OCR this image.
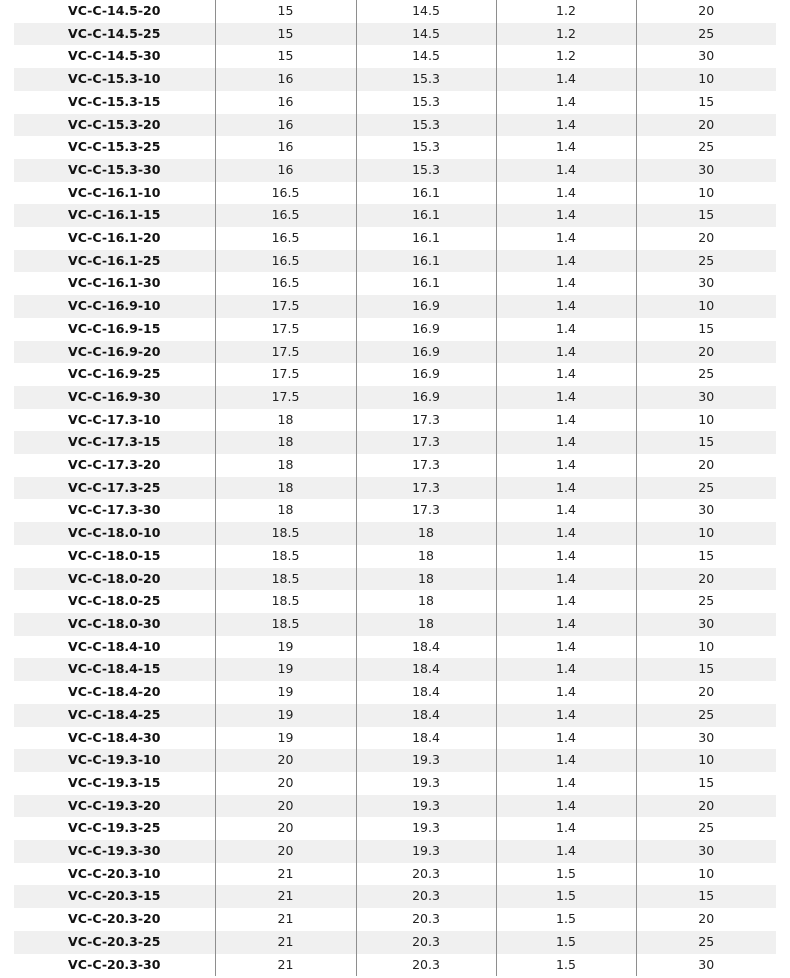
VC-C-14.5-20	15	14.5	1.2	20
VC-C-14.5-25	15	14.5	1.2	25
VC-C-14.5-30	15	14.5	1.2	30
VC-C-15.3-10	16	15.3	1.4	10
VC-C-15.3-15	16	15.3	1.4	15
VC-C-15.3-20	16	15.3	1.4	20
VC-C-15.3-25	16	15.3	1.4	25
VC-C-15.3-30	16	15.3	1.4	30
VC-C-16.1-10	16.5	16.1	1.4	10
VC-C-16.1-15	16.5	16.1	1.4	15
VC-C-16.1-20	16.5	16.1	1.4	20
VC-C-16.1-25	16.5	16.1	1.4	25
VC-C-16.1-30	16.5	16.1	1.4	30
VC-C-16.9-10	17.5	16.9	1.4	10
VC-C-16.9-15	17.5	16.9	1.4	15
VC-C-16.9-20	17.5	16.9	1.4	20
VC-C-16.9-25	17.5	16.9	1.4	25
VC-C-16.9-30	17.5	16.9	1.4	30
VC-C-17.3-10	18	17.3	1.4	10
VC-C-17.3-15	18	17.3	1.4	15
VC-C-17.3-20	18	17.3	1.4	20
VC-C-17.3-25	18	17.3	1.4	25
VC-C-17.3-30	18	17.3	1.4	30
VC-C-18.0-10	18.5	18	1.4	10
VC-C-18.0-15	18.5	18	1.4	15
VC-C-18.0-20	18.5	18	1.4	20
VC-C-18.0-25	18.5	18	1.4	25
VC-C-18.0-30	18.5	18	1.4	30
VC-C-18.4-10	19	18.4	1.4	10
VC-C-18.4-15	19	18.4	1.4	15
VC-C-18.4-20	19	18.4	1.4	20
VC-C-18.4-25	19	18.4	1.4	25
VC-C-18.4-30	19	18.4	1.4	30
VC-C-19.3-10	20	19.3	1.4	10
VC-C-19.3-15	20	19.3	1.4	15
VC-C-19.3-20	20	19.3	1.4	20
VC-C-19.3-25	20	19.3	1.4	25
VC-C-19.3-30	20	19.3	1.4	30
VC-C-20.3-10	21	20.3	1.5	10
VC-C-20.3-15	21	20.3	1.5	15
VC-C-20.3-20	21	20.3	1.5	20
VC-C-20.3-25	21	20.3	1.5	25
VC-C-20.3-30	21	20.3	1.5	30
